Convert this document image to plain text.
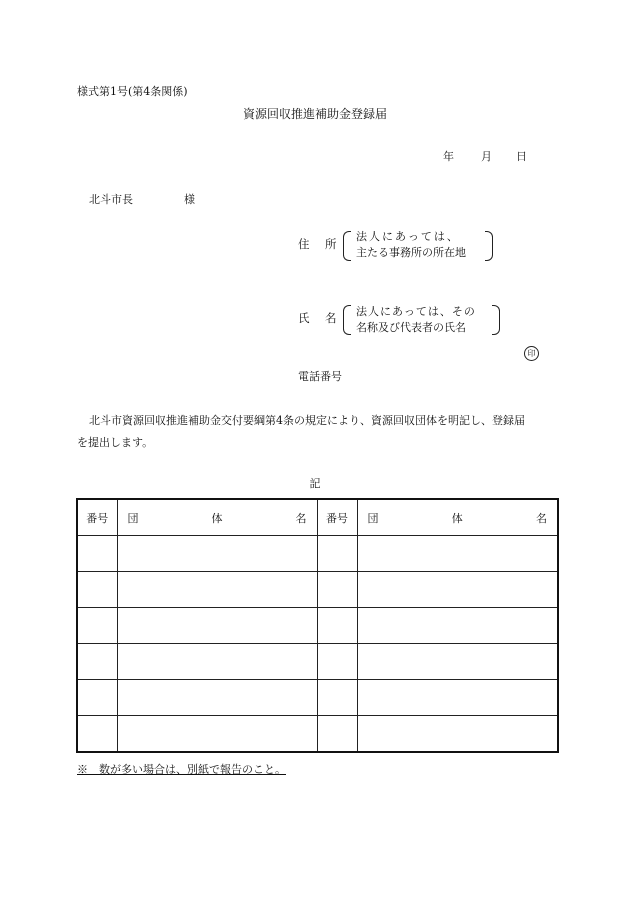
様式第1号(第4条関係)
資源回収推進補助金登録届
年 月 日
北斗市長	様
住　所
法人にあっては、
主たる事務所の所在地
氏　名 法人にあっては、その
名称及び代表者の氏名
印
電話番号
北斗市資源回収推進補助金交付要綱第4条の規定により、資源回収団体を明記し、登録届
を提出します。
記
番号	団 体 名	番号	団 体 名

※　数が多い場合は、別紙で報告のこと。
